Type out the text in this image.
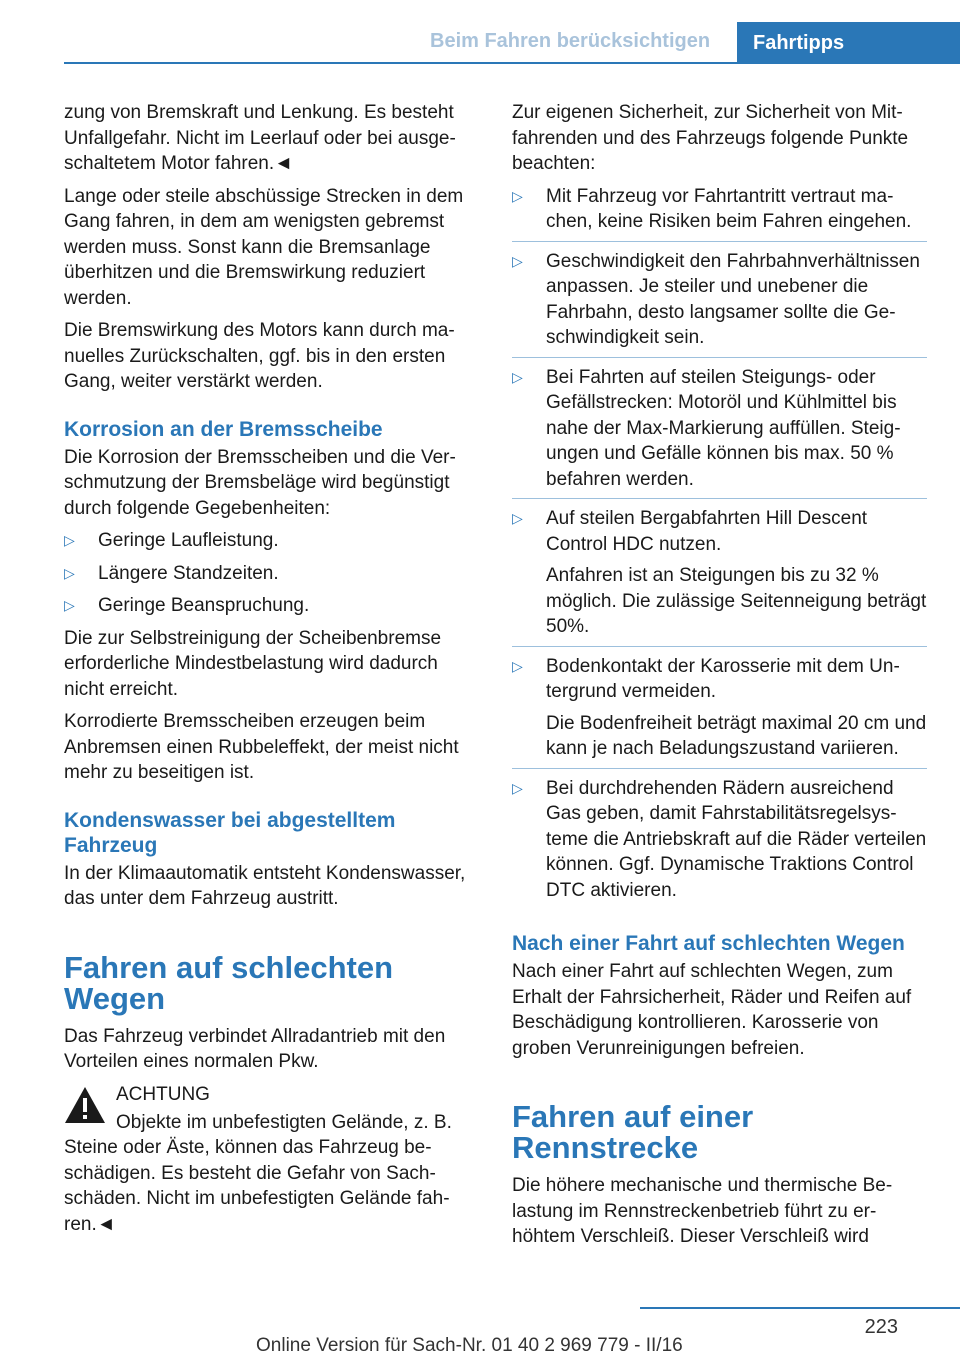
Beim Fahren berücksichtigen	Fahrtipps

zung von Bremskraft und Lenkung. Es besteht Unfallgefahr. Nicht im Leerlauf oder bei ausgeschaltetem Motor fahren.◄

Lange oder steile abschüssige Strecken in dem Gang fahren, in dem am wenigsten gebremst werden muss. Sonst kann die Bremsanlage überhitzen und die Bremswirkung reduziert werden.

Die Bremswirkung des Motors kann durch manuelles Zurückschalten, ggf. bis in den ersten Gang, weiter verstärkt werden.

Korrosion an der Bremsscheibe

Die Korrosion der Bremsscheiben und die Verschmutzung der Bremsbeläge wird begünstigt durch folgende Gegebenheiten:

▷ Geringe Laufleistung.
▷ Längere Standzeiten.
▷ Geringe Beanspruchung.

Die zur Selbstreinigung der Scheibenbremse erforderliche Mindestbelastung wird dadurch nicht erreicht.

Korrodierte Bremsscheiben erzeugen beim Anbremsen einen Rubbeleffekt, der meist nicht mehr zu beseitigen ist.

Kondenswasser bei abgestelltem Fahrzeug

In der Klimaautomatik entsteht Kondenswasser, das unter dem Fahrzeug austritt.

Fahren auf schlechten Wegen

Das Fahrzeug verbindet Allradantrieb mit den Vorteilen eines normalen Pkw.

ACHTUNG

Objekte im unbefestigten Gelände, z. B. Steine oder Äste, können das Fahrzeug beschädigen. Es besteht die Gefahr von Sachschäden. Nicht im unbefestigten Gelände fahren.◄

Zur eigenen Sicherheit, zur Sicherheit von Mitfahrenden und des Fahrzeugs folgende Punkte beachten:

▷ Mit Fahrzeug vor Fahrtantritt vertraut machen, keine Risiken beim Fahren eingehen.
▷ Geschwindigkeit den Fahrbahnverhältnissen anpassen. Je steiler und unebener die Fahrbahn, desto langsamer sollte die Geschwindigkeit sein.
▷ Bei Fahrten auf steilen Steigungs- oder Gefällstrecken: Motoröl und Kühlmittel bis nahe der Max-Markierung auffüllen. Steigungen und Gefälle können bis max. 50 % befahren werden.
▷ Auf steilen Bergabfahrten Hill Descent Control HDC nutzen.
Anfahren ist an Steigungen bis zu 32 % möglich. Die zulässige Seitenneigung beträgt 50%.
▷ Bodenkontakt der Karosserie mit dem Untergrund vermeiden.
Die Bodenfreiheit beträgt maximal 20 cm und kann je nach Beladungszustand variieren.
▷ Bei durchdrehenden Rädern ausreichend Gas geben, damit Fahrstabilitätsregelsysteme die Antriebskraft auf die Räder verteilen können. Ggf. Dynamische Traktions Control DTC aktivieren.
Nach einer Fahrt auf schlechten Wegen

Nach einer Fahrt auf schlechten Wegen, zum Erhalt der Fahrsicherheit, Räder und Reifen auf Beschädigung kontrollieren. Karosserie von groben Verunreinigungen befreien.

Fahren auf einer Rennstrecke

Die höhere mechanische und thermische Belastung im Rennstreckenbetrieb führt zu erhöhtem Verschleiß. Dieser Verschleiß wird

223
Online Version für Sach-Nr. 01 40 2 969 779 - II/16
